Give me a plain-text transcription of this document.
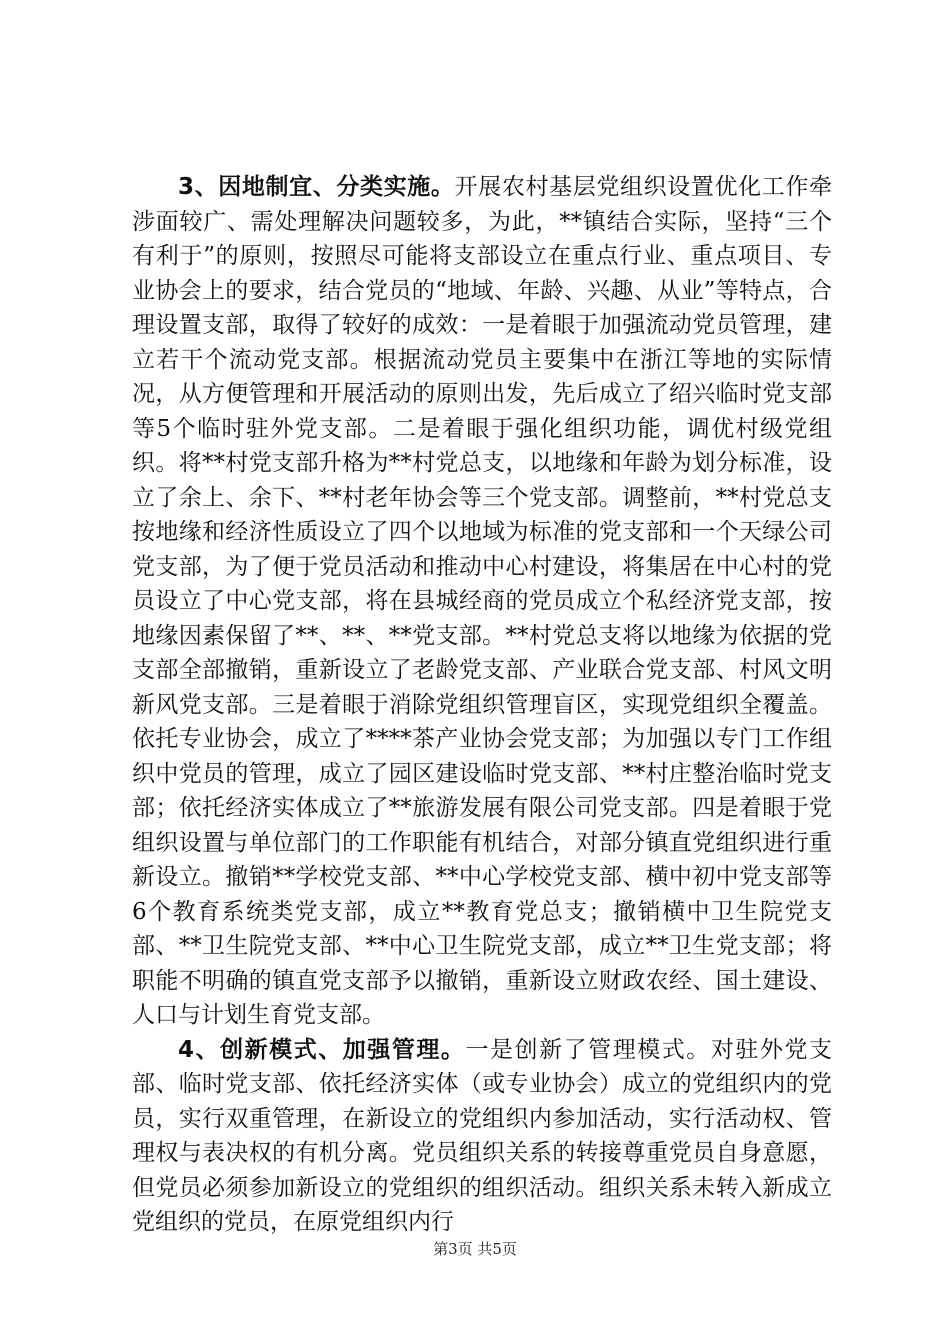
3、因地制宜、分类实施。开展农村基层党组织设置优化工作牵涉面较广、需处理解决问题较多，为此，**镇结合实际，坚持“三个有利于”的原则，按照尽可能将支部设立在重点行业、重点项目、专业协会上的要求，结合党员的“地域、年龄、兴趣、从业”等特点，合理设置支部，取得了较好的成效：一是着眼于加强流动党员管理，建立若干个流动党支部。根据流动党员主要集中在浙江等地的实际情况，从方便管理和开展活动的原则出发，先后成立了绍兴临时党支部等5个临时驻外党支部。二是着眼于强化组织功能，调优村级党组织。将**村党支部升格为**村党总支，以地缘和年龄为划分标准，设立了余上、余下、**村老年协会等三个党支部。调整前，**村党总支按地缘和经济性质设立了四个以地域为标准的党支部和一个天绿公司党支部，为了便于党员活动和推动中心村建设，将集居在中心村的党员设立了中心党支部，将在县城经商的党员成立个私经济党支部，按地缘因素保留了**、**、**党支部。**村党总支将以地缘为依据的党支部全部撤销，重新设立了老龄党支部、产业联合党支部、村风文明新风党支部。三是着眼于消除党组织管理盲区，实现党组织全覆盖。依托专业协会，成立了****茶产业协会党支部；为加强以专门工作组织中党员的管理，成立了园区建设临时党支部、**村庄整治临时党支部；依托经济实体成立了**旅游发展有限公司党支部。四是着眼于党组织设置与单位部门的工作职能有机结合，对部分镇直党组织进行重新设立。撤销**学校党支部、**中心学校党支部、横中初中党支部等6个教育系统类党支部，成立**教育党总支；撤销横中卫生院党支部、**卫生院党支部、**中心卫生院党支部，成立**卫生党支部；将职能不明确的镇直党支部予以撤销，重新设立财政农经、国土建设、人口与计划生育党支部。

4、创新模式、加强管理。一是创新了管理模式。对驻外党支部、临时党支部、依托经济实体（或专业协会）成立的党组织内的党员，实行双重管理，在新设立的党组织内参加活动，实行活动权、管理权与表决权的有机分离。党员组织关系的转接尊重党员自身意愿，但党员必须参加新设立的党组织的组织活动。组织关系未转入新成立党组织的党员，在原党组织内行

第3页 共5页
